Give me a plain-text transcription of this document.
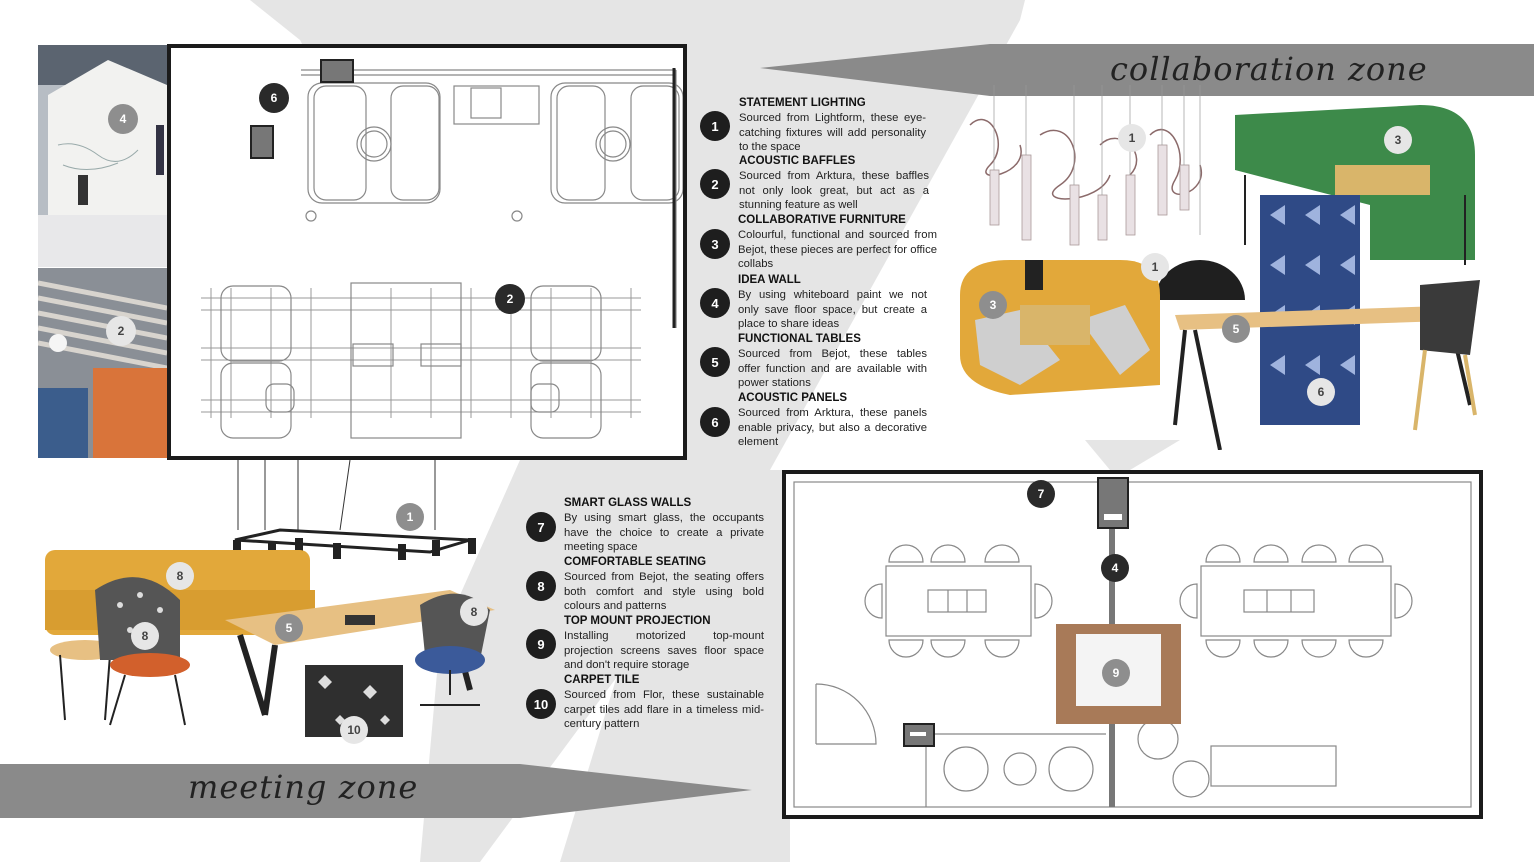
collaboration zone
meeting zone
4
2
6
2
1
STATEMENT LIGHTING
Sourced from Lightform, these eye-catching fixtures will add personality to the space
2
ACOUSTIC BAFFLES
Sourced from Arktura, these baffles not only look great, but act as a stunning feature as well
3
COLLABORATIVE FURNITURE
Colourful, functional and sourced from Bejot, these pieces are perfect for office collabs
4
IDEA WALL
By using whiteboard paint we not only save floor space, but create a place to share ideas
5
FUNCTIONAL TABLES
Sourced from Bejot, these tables offer function and are available with power stations
6
ACOUSTIC PANELS
Sourced from Arktura, these panels enable privacy, but also a decorative element
1
1
3
3
5
6
1
8
8
8
5
10
7
SMART GLASS WALLS
By using smart glass, the occupants have the choice to create a private meeting space
8
COMFORTABLE SEATING
Sourced from Bejot, the seating offers both comfort and style using bold colours and patterns
9
TOP MOUNT PROJECTION
Installing motorized top-mount projection screens saves floor space and don't require storage
10
CARPET TILE
Sourced from Flor, these sustainable carpet tiles add flare in a timeless mid-century pattern
7
4
9
